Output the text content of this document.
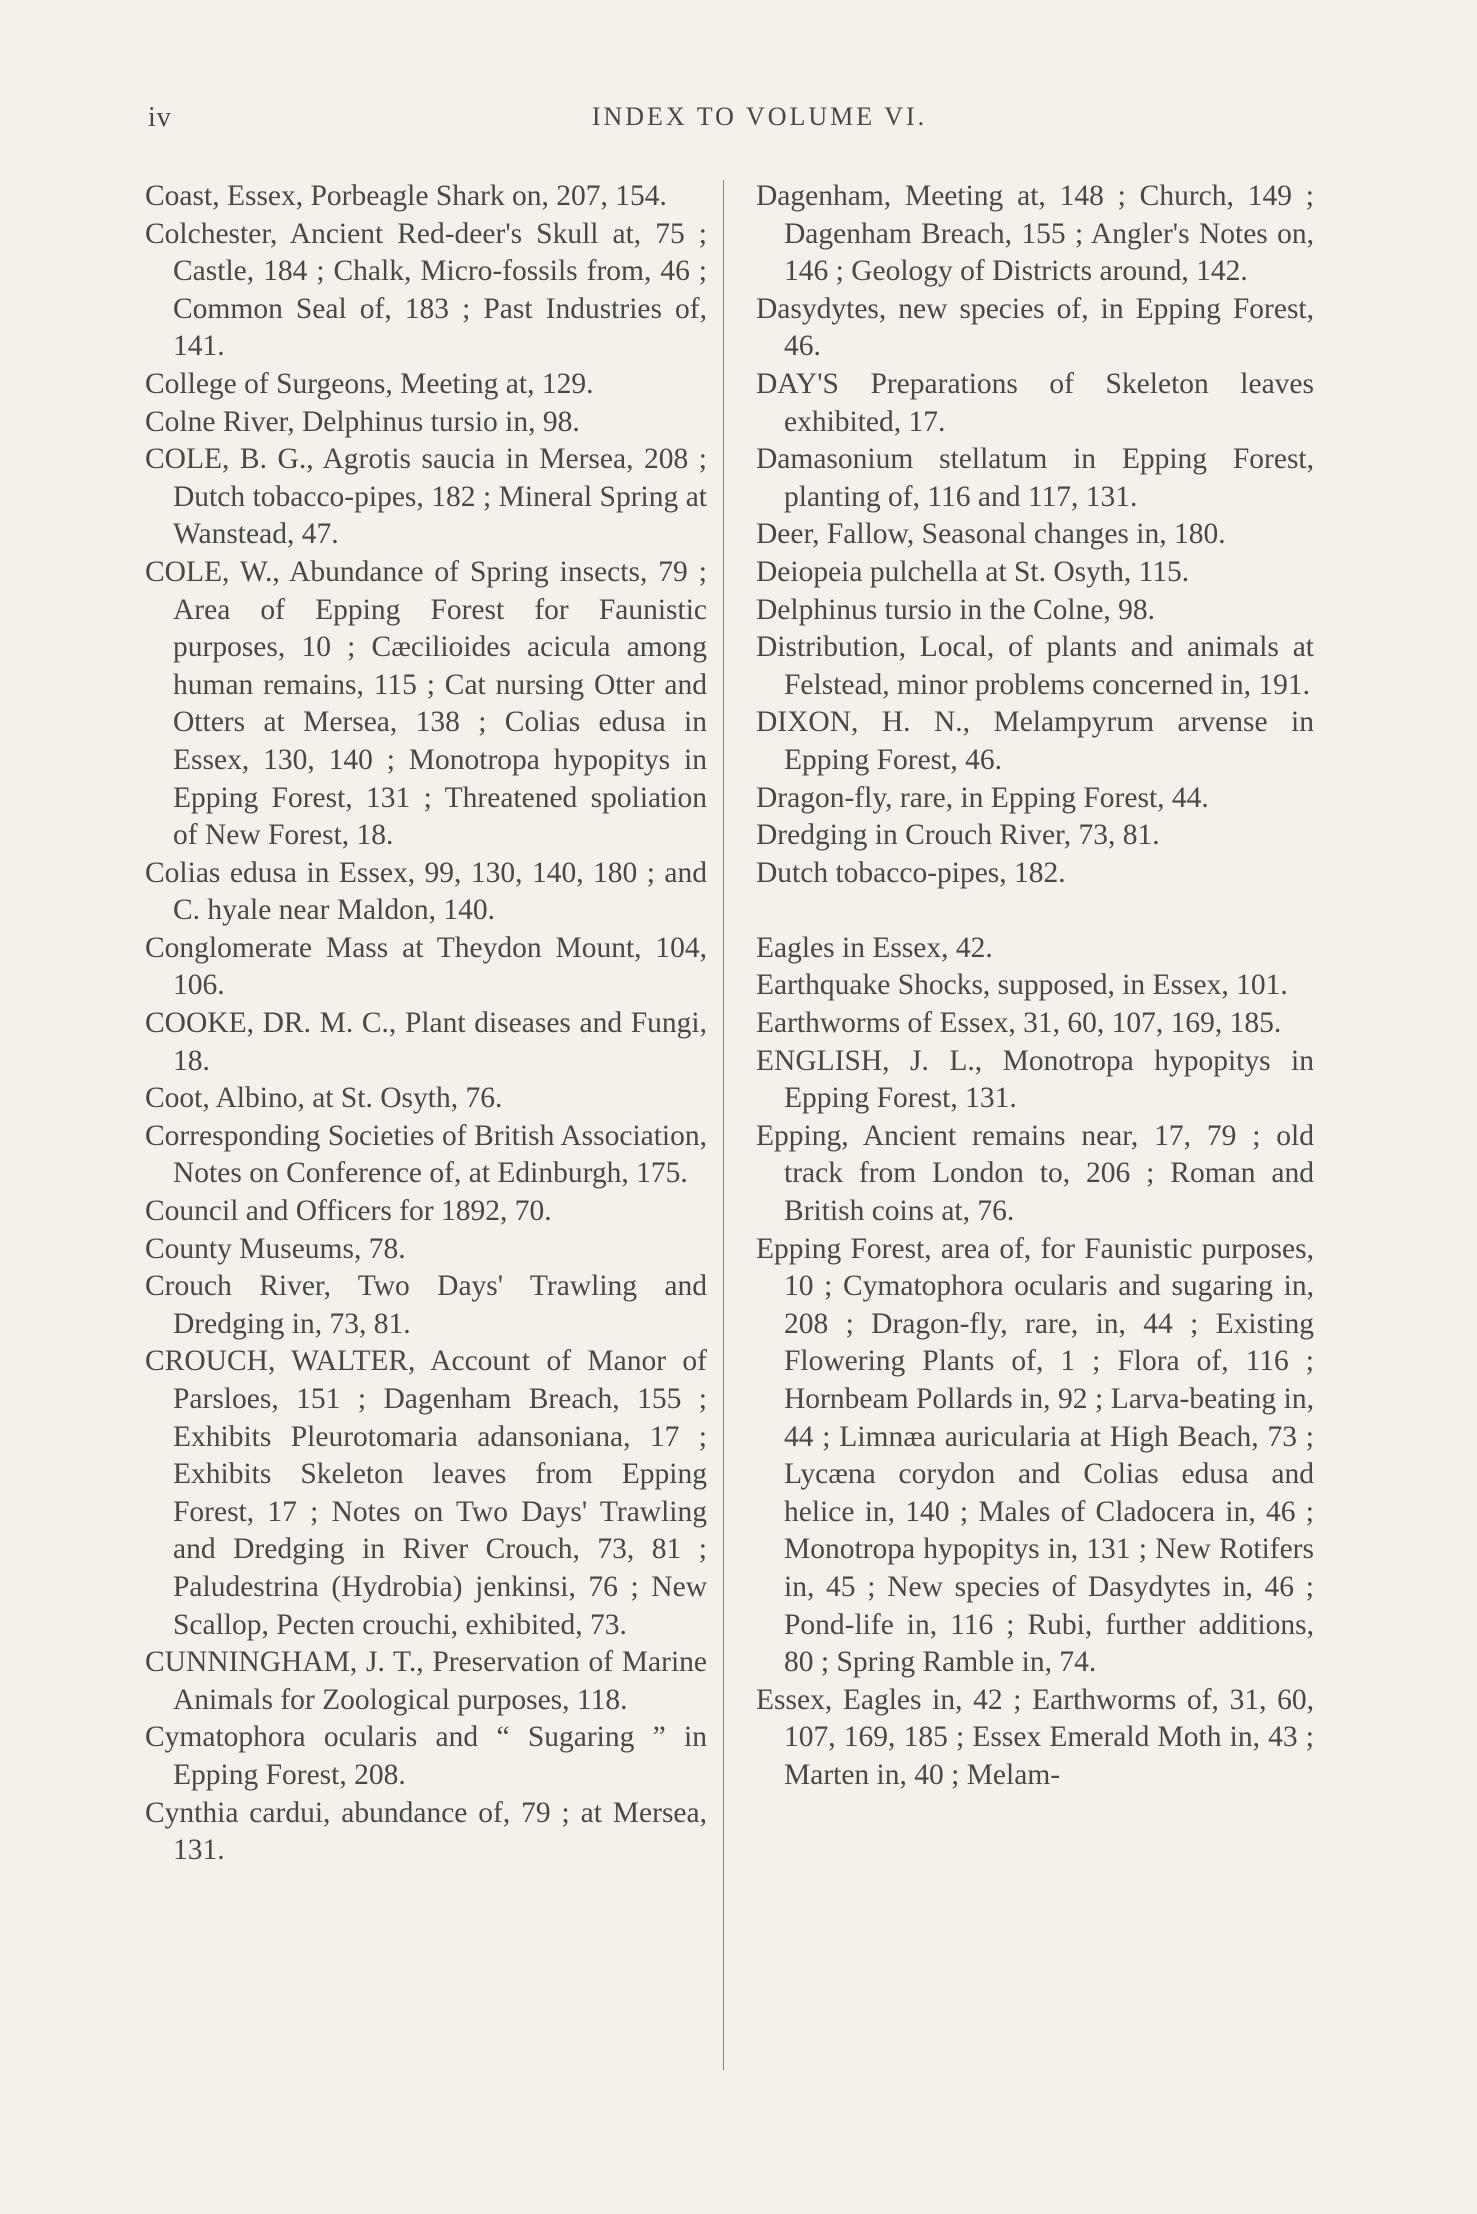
iv	INDEX TO VOLUME VI.

Coast, Essex, Porbeagle Shark on, 207, 154.

Colchester, Ancient Red-deer's Skull at, 75 ; Castle, 184 ; Chalk, Micro-fossils from, 46 ; Common Seal of, 183 ; Past Industries of, 141.

College of Surgeons, Meeting at, 129.

Colne River, Delphinus tursio in, 98.

COLE, B. G., Agrotis saucia in Mersea, 208 ; Dutch tobacco-pipes, 182 ; Mineral Spring at Wanstead, 47.

COLE, W., Abundance of Spring insects, 79 ; Area of Epping Forest for Faunistic purposes, 10 ; Cæcilioides acicula among human remains, 115 ; Cat nursing Otter and Otters at Mersea, 138 ; Colias edusa in Essex, 130, 140 ; Monotropa hypopitys in Epping Forest, 131 ; Threatened spoliation of New Forest, 18.

Colias edusa in Essex, 99, 130, 140, 180 ; and C. hyale near Maldon, 140.

Conglomerate Mass at Theydon Mount, 104, 106.

COOKE, DR. M. C., Plant diseases and Fungi, 18.

Coot, Albino, at St. Osyth, 76.

Corresponding Societies of British Association, Notes on Conference of, at Edinburgh, 175.

Council and Officers for 1892, 70.

County Museums, 78.

Crouch River, Two Days' Trawling and Dredging in, 73, 81.

CROUCH, WALTER, Account of Manor of Parsloes, 151 ; Dagenham Breach, 155 ; Exhibits Pleurotomaria adansoniana, 17 ; Exhibits Skeleton leaves from Epping Forest, 17 ; Notes on Two Days' Trawling and Dredging in River Crouch, 73, 81 ; Paludestrina (Hydrobia) jenkinsi, 76 ; New Scallop, Pecten crouchi, exhibited, 73.

CUNNINGHAM, J. T., Preservation of Marine Animals for Zoological purposes, 118.

Cymatophora ocularis and “ Sugaring ” in Epping Forest, 208.

Cynthia cardui, abundance of, 79 ; at Mersea, 131.

Dagenham, Meeting at, 148 ; Church, 149 ; Dagenham Breach, 155 ; Angler's Notes on, 146 ; Geology of Districts around, 142.

Dasydytes, new species of, in Epping Forest, 46.

DAY'S Preparations of Skeleton leaves exhibited, 17.

Damasonium stellatum in Epping Forest, planting of, 116 and 117, 131.

Deer, Fallow, Seasonal changes in, 180.

Deiopeia pulchella at St. Osyth, 115.

Delphinus tursio in the Colne, 98.

Distribution, Local, of plants and animals at Felstead, minor problems concerned in, 191.

DIXON, H. N., Melampyrum arvense in Epping Forest, 46.

Dragon-fly, rare, in Epping Forest, 44.

Dredging in Crouch River, 73, 81.

Dutch tobacco-pipes, 182.

Eagles in Essex, 42.

Earthquake Shocks, supposed, in Essex, 101.

Earthworms of Essex, 31, 60, 107, 169, 185.

ENGLISH, J. L., Monotropa hypopitys in Epping Forest, 131.

Epping, Ancient remains near, 17, 79 ; old track from London to, 206 ; Roman and British coins at, 76.

Epping Forest, area of, for Faunistic purposes, 10 ; Cymatophora ocularis and sugaring in, 208 ; Dragon-fly, rare, in, 44 ; Existing Flowering Plants of, 1 ; Flora of, 116 ; Hornbeam Pollards in, 92 ; Larva-beating in, 44 ; Limnæa auricularia at High Beach, 73 ; Lycæna corydon and Colias edusa and helice in, 140 ; Males of Cladocera in, 46 ; Monotropa hypopitys in, 131 ; New Rotifers in, 45 ; New species of Dasydytes in, 46 ; Pond-life in, 116 ; Rubi, further additions, 80 ; Spring Ramble in, 74.

Essex, Eagles in, 42 ; Earthworms of, 31, 60, 107, 169, 185 ; Essex Emerald Moth in, 43 ; Marten in, 40 ; Melam-
